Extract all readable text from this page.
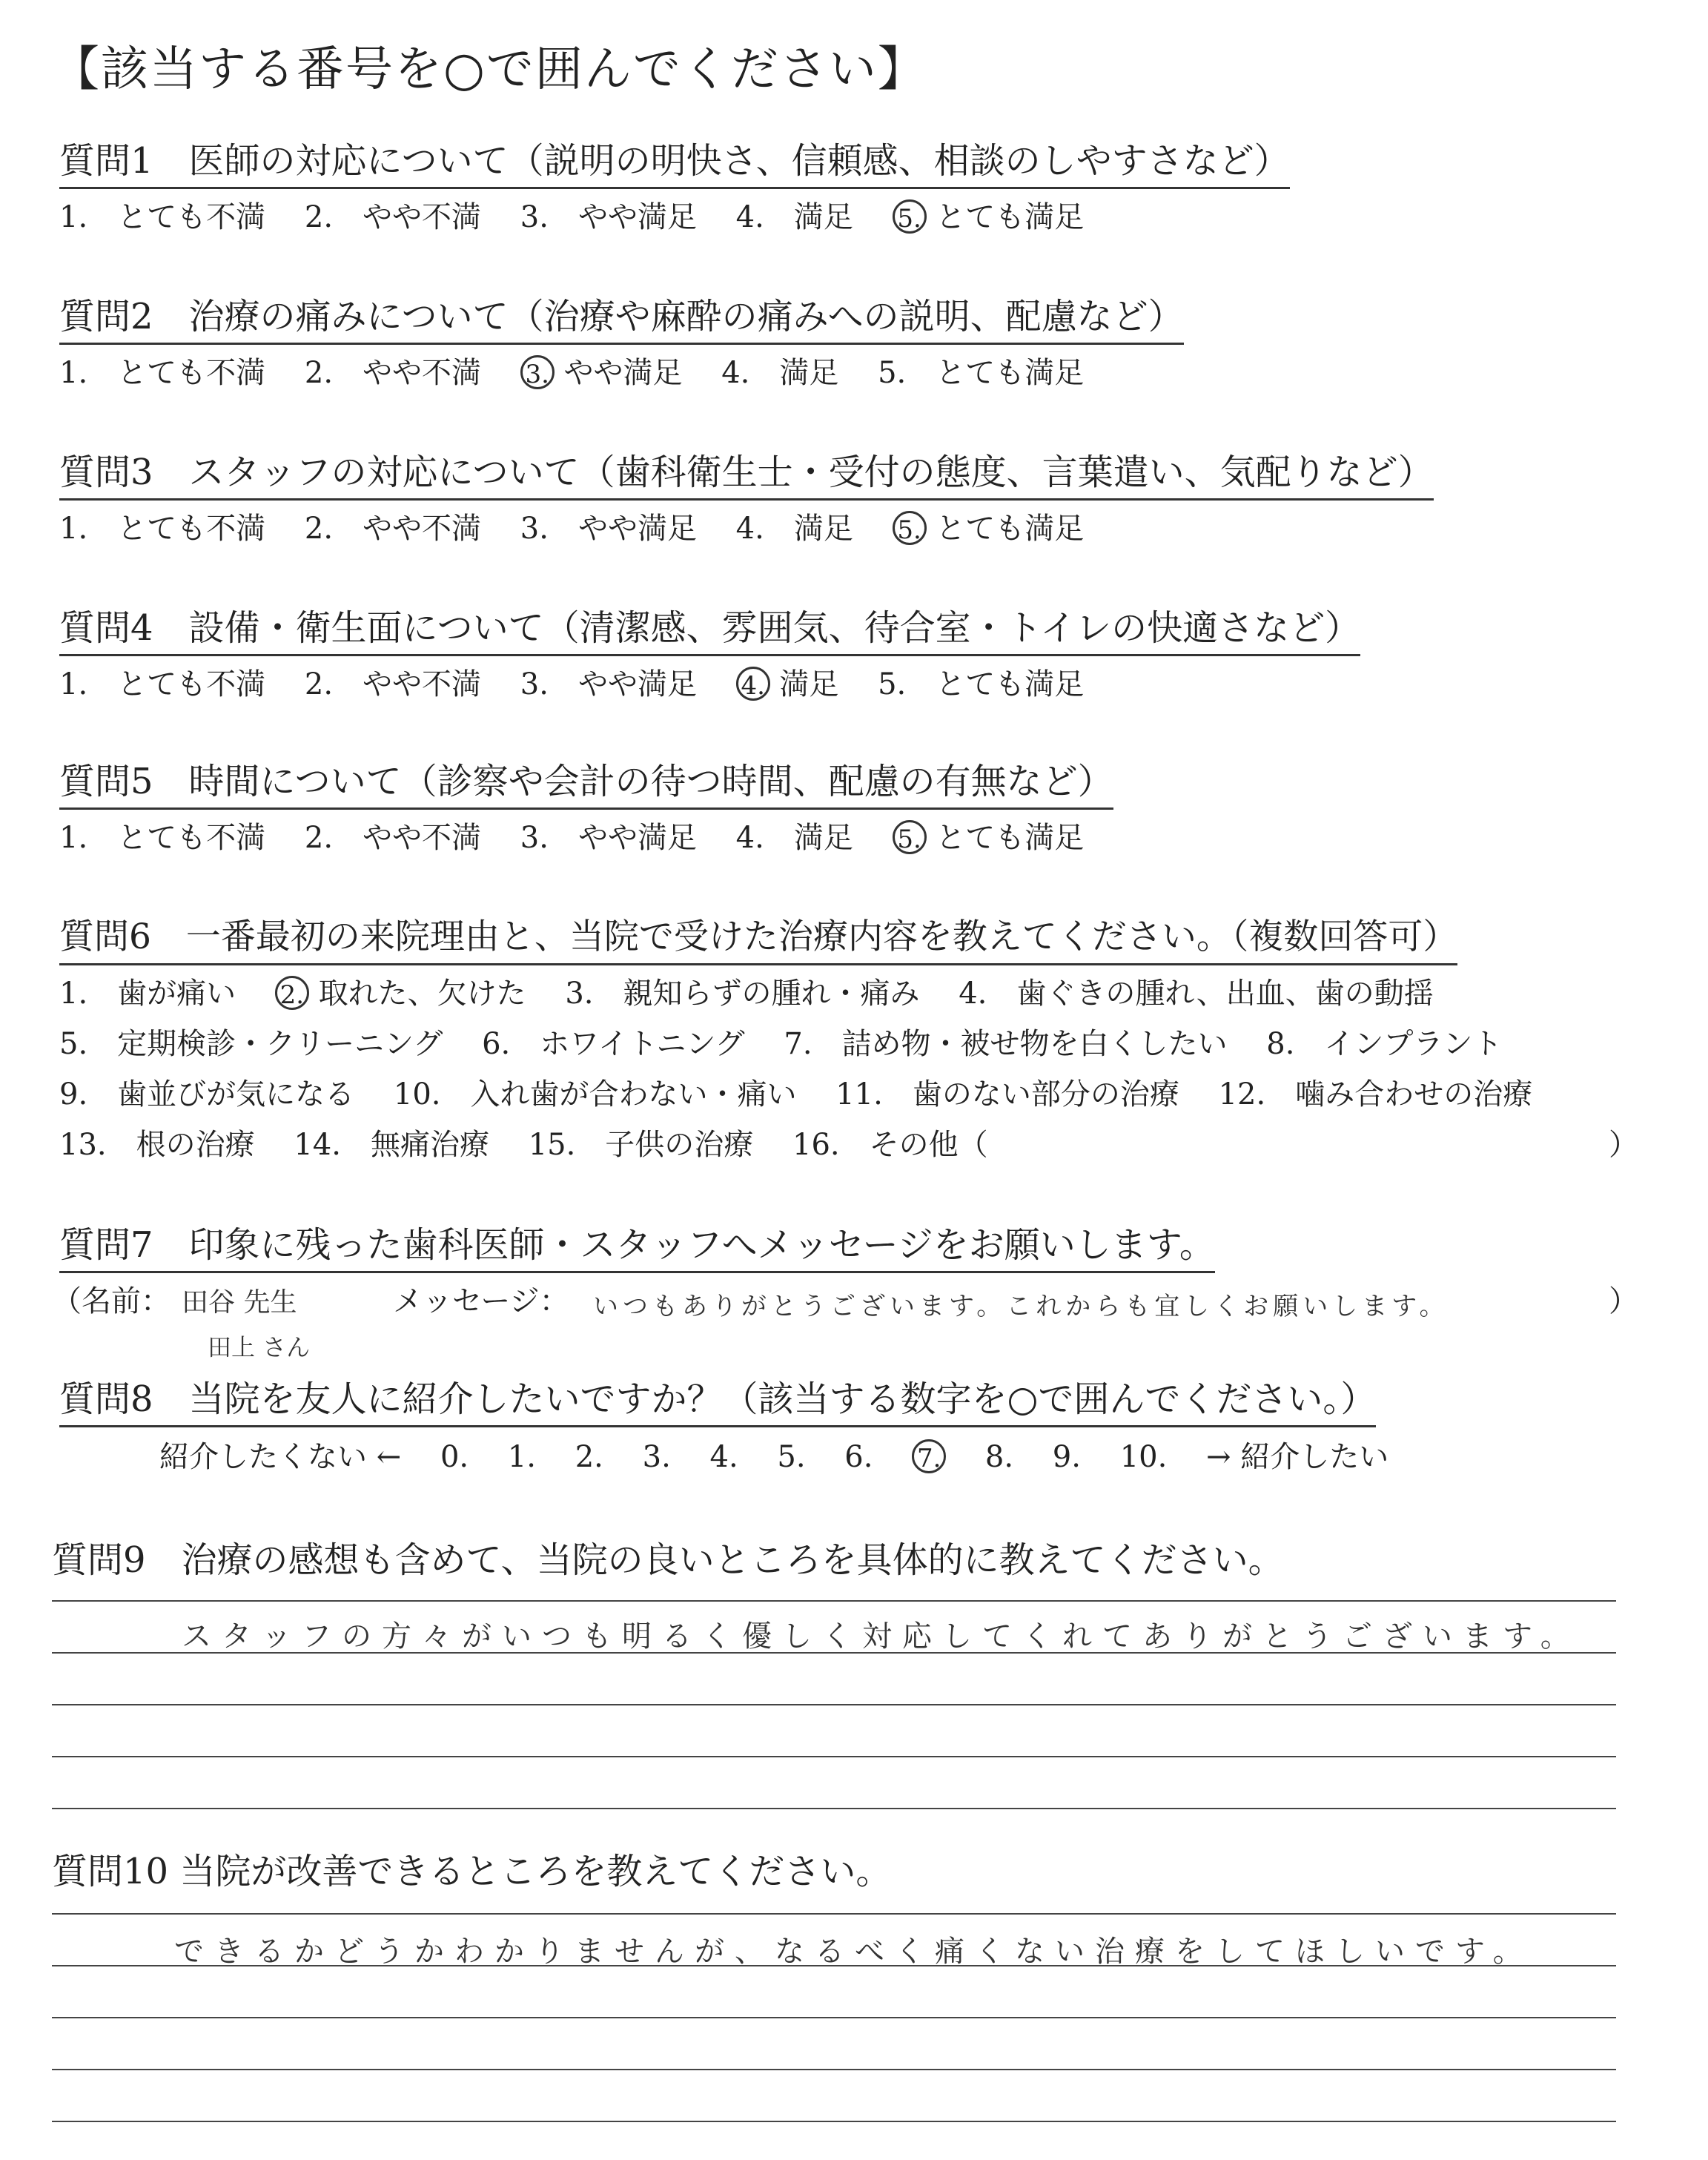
【該当する番号を○で囲んでください】
質問1　医師の対応について（説明の明快さ、信頼感、相談のしやすさなど）
1.　とても不満 2.　やや不満 3.　やや満足 4.　満足 5. とても満足
質問2　治療の痛みについて（治療や麻酔の痛みへの説明、配慮など）
1.　とても不満 2.　やや不満 3. やや満足 4.　満足 5.　とても満足
質問3　スタッフの対応について（歯科衛生士・受付の態度、言葉遣い、気配りなど）
1.　とても不満 2.　やや不満 3.　やや満足 4.　満足 5. とても満足
質問4　設備・衛生面について（清潔感、雰囲気、待合室・トイレの快適さなど）
1.　とても不満 2.　やや不満 3.　やや満足 4. 満足 5.　とても満足
質問5　時間について（診察や会計の待つ時間、配慮の有無など）
1.　とても不満 2.　やや不満 3.　やや満足 4.　満足 5. とても満足
質問6　一番最初の来院理由と、当院で受けた治療内容を教えてください。（複数回答可）
1.　歯が痛い 2. 取れた、欠けた 3.　親知らずの腫れ・痛み 4.　歯ぐきの腫れ、出血、歯の動揺
5.　定期検診・クリーニング 6.　ホワイトニング 7.　詰め物・被せ物を白くしたい 8.　インプラント
9.　歯並びが気になる 10.　入れ歯が合わない・痛い 11.　歯のない部分の治療 12.　噛み合わせの治療
13.　根の治療 14.　無痛治療 15.　子供の治療 16.　その他（	）
質問7　印象に残った歯科医師・スタッフへメッセージをお願いします。
（名前： 田谷 先生
田上 さん
メッセージ： いつもありがとうございます。これからも宜しくお願いします。	）
質問8　当院を友人に紹介したいですか？（該当する数字を○で囲んでください。）
紹介したくない ← 0. 1. 2. 3. 4. 5. 6. 7. 8. 9. 10. → 紹介したい
質問9　治療の感想も含めて、当院の良いところを具体的に教えてください。
スタッフの方々がいつも明るく優しく対応してくれてありがとうございます。
質問10 当院が改善できるところを教えてください。
できるかどうかわかりませんが、なるべく痛くない治療をしてほしいです。
